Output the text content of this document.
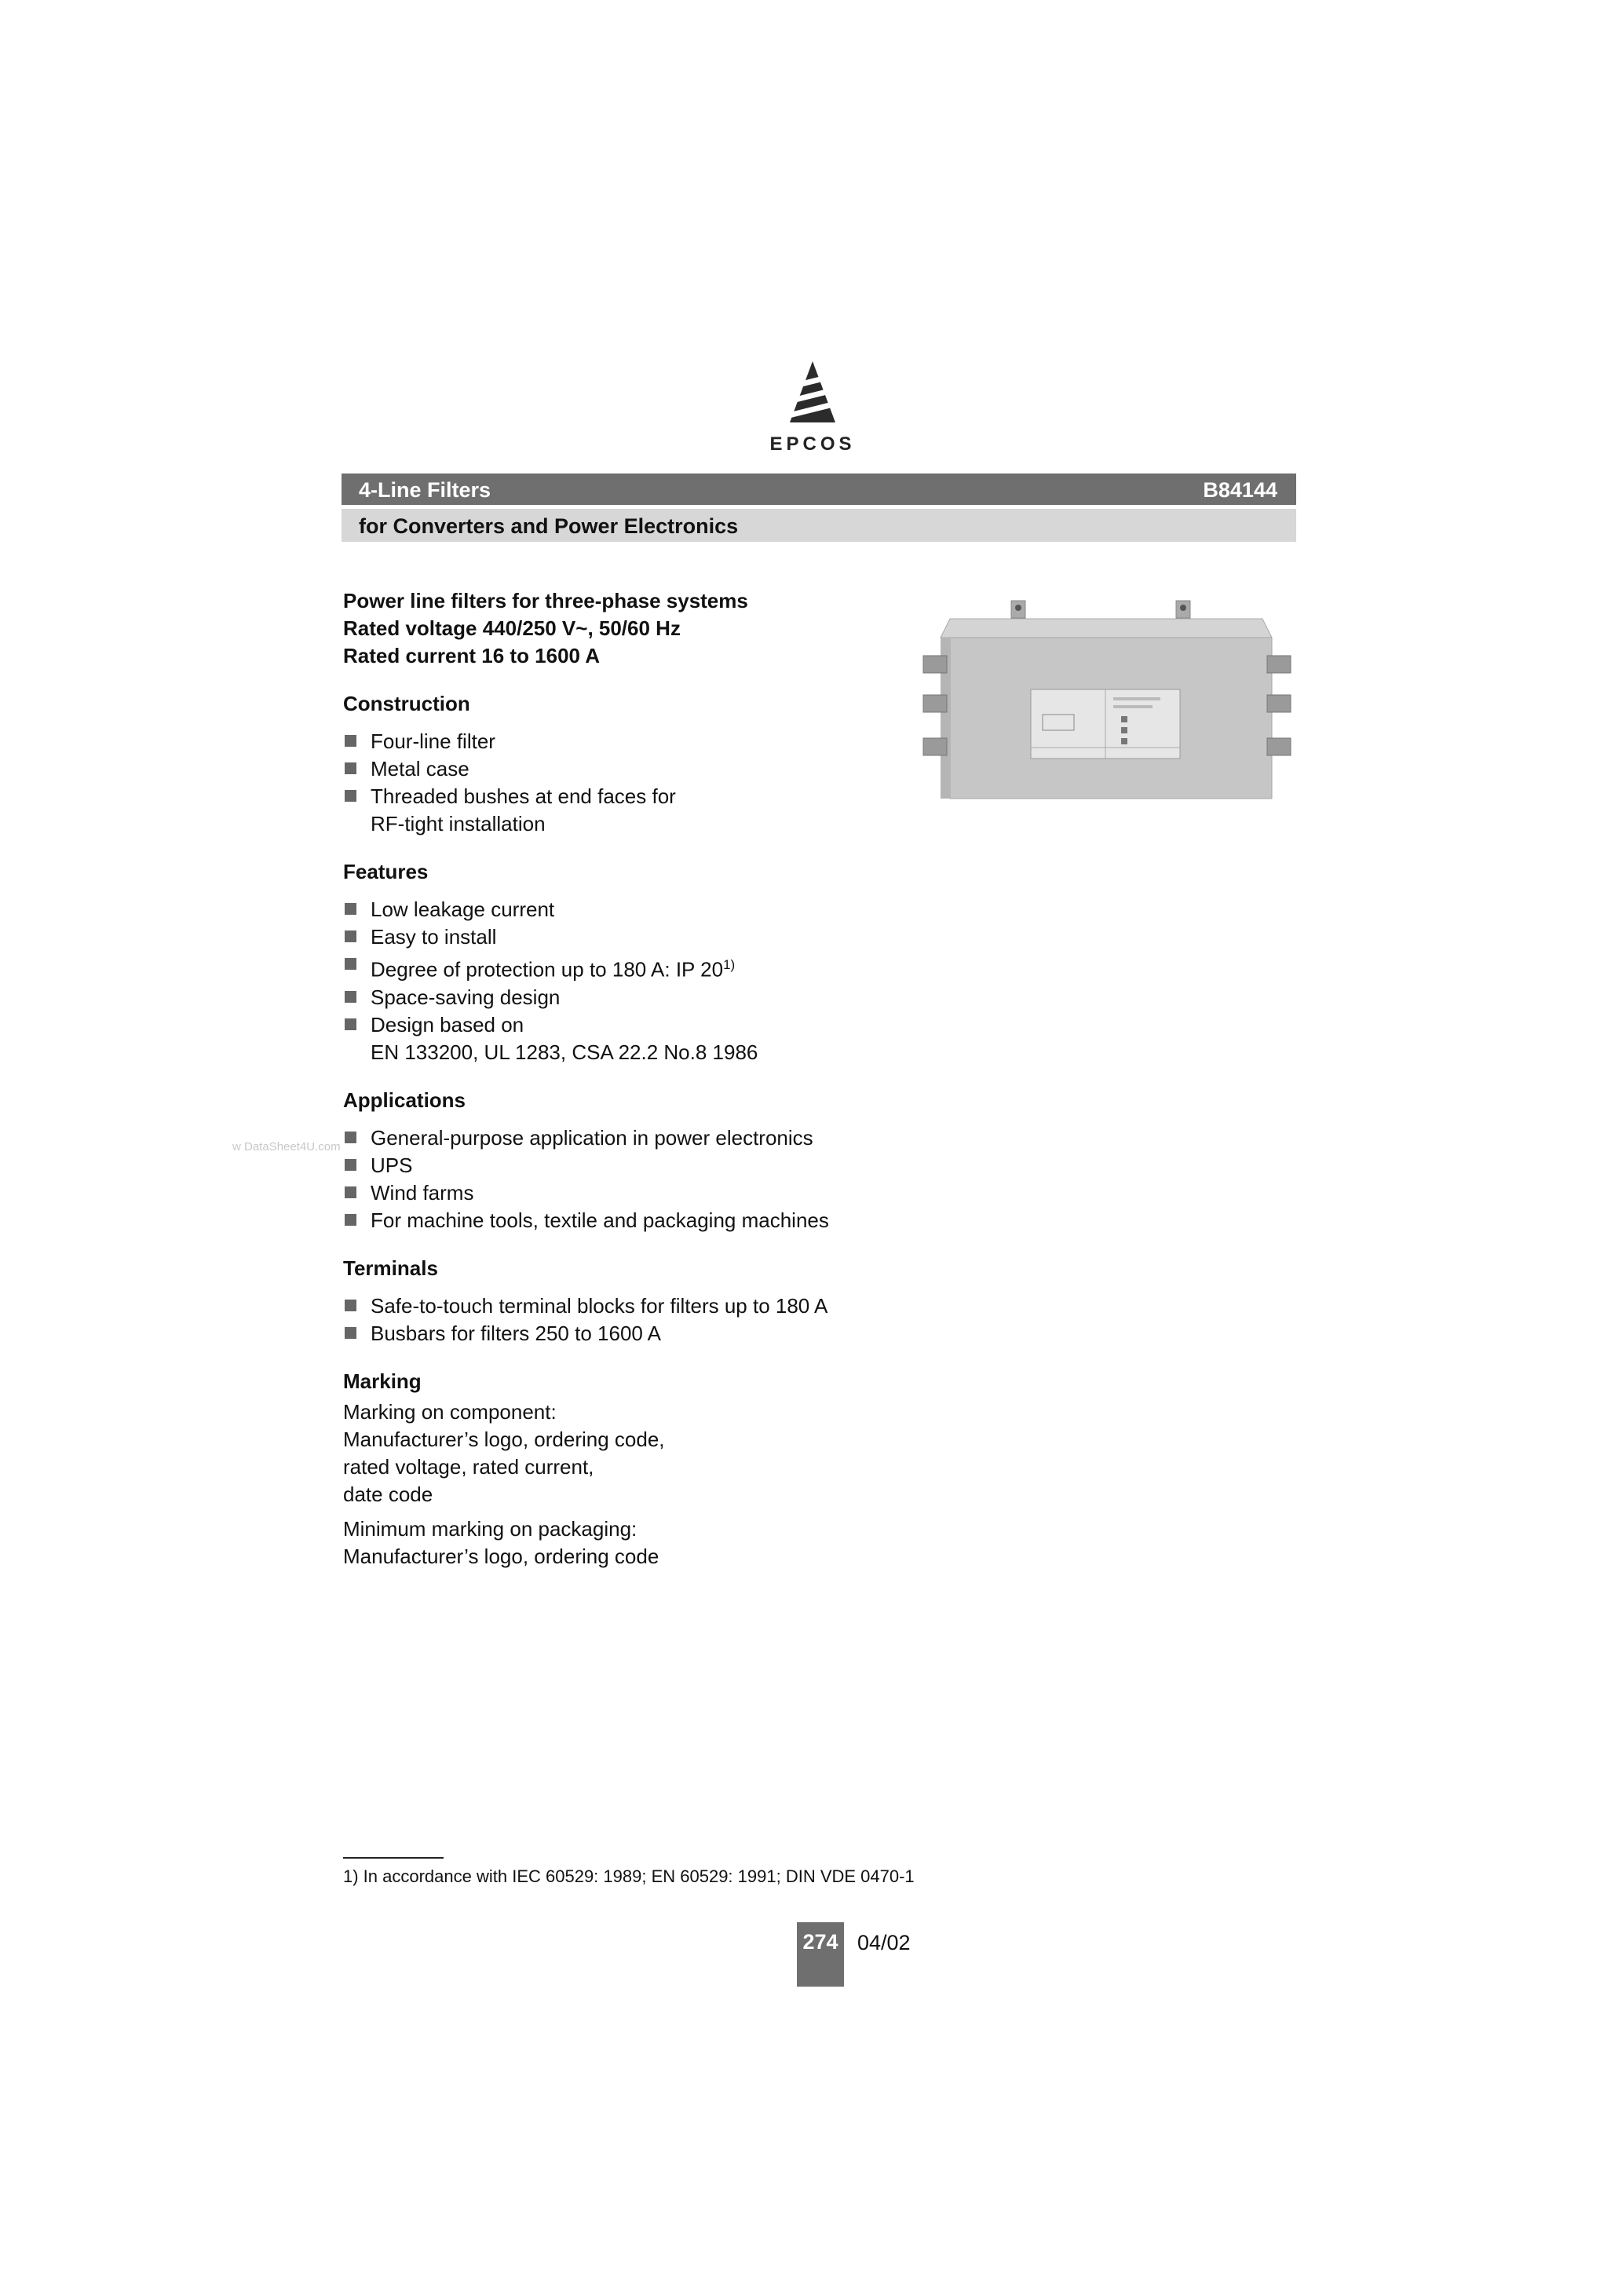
EPCOS
4-Line Filters	B84144
for Converters and Power Electronics
Power line filters for three-phase systems
Rated voltage 440/250 V~, 50/60 Hz
Rated current 16 to 1600 A
Construction
Four-line filter
Metal case
Threaded bushes at end faces for
RF-tight installation
Features
Low leakage current
Easy to install
Degree of protection up to 180 A: IP 20$^{1)}$
Space-saving design
Design based on
EN 133200, UL 1283, CSA 22.2 No.8 1986
Applications
General-purpose application in power electronics
UPS
Wind farms
For machine tools, textile and packaging machines
Terminals
Safe-to-touch terminal blocks for filters up to 180 A
Busbars for filters 250 to 1600 A
Marking

Marking on component:

Manufacturer’s logo, ordering code,

rated voltage, rated current,

date code

Minimum marking on packaging:

Manufacturer’s logo, ordering code

w DataSheet4U.com
1) In accordance with IEC 60529: 1989; EN 60529: 1991; DIN VDE 0470-1
274 04/02
